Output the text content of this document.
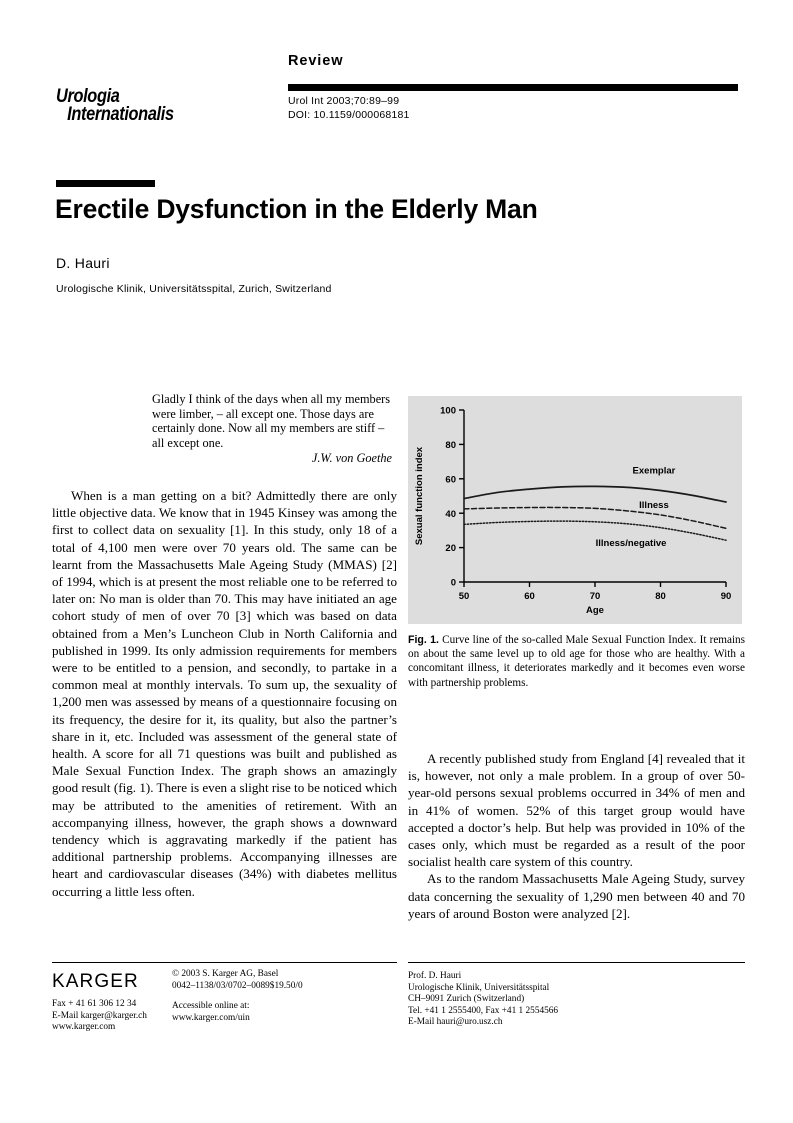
Urologia
Internationalis
Review
Urol Int 2003;70:89–99
DOI: 10.1159/000068181
Erectile Dysfunction in the Elderly Man
D. Hauri
Urologische Klinik, Universitätsspital, Zurich, Switzerland
Gladly I think of the days when all my members were limber, – all except one. Those days are certainly done. Now all my members are stiff – all except one.
J.W. von Goethe

When is a man getting on a bit? Admittedly there are only little objective data. We know that in 1945 Kinsey was among the first to collect data on sexuality [1]. In this study, only 18 of a total of 4,100 men were over 70 years old. The same can be learnt from the Massachusetts Male Ageing Study (MMAS) [2] of 1994, which is at present the most reliable one to be referred to later on: No man is older than 70. This may have initiated an age cohort study of men of over 70 [3] which was based on data obtained from a Men’s Luncheon Club in North California and published in 1999. Its only admission requirements for members were to be entitled to a pension, and secondly, to partake in a common meal at monthly intervals. To sum up, the sexuality of 1,200 men was assessed by means of a questionnaire focusing on its frequency, the desire for it, its quality, but also the partner’s share in it, etc. Included was assessment of the general state of health. A score for all 71 questions was built and published as Male Sexual Function Index. The graph shows an amazingly good result (fig. 1). There is even a slight rise to be noticed which may be attributed to the amenities of retirement. With an accompanying illness, however, the graph shows a downward tendency which is aggravating markedly if the patient has additional partnership problems. Accompanying illnesses are heart and cardiovascular diseases (34%) with diabetes mellitus occurring a little less often.

0
20
40
60
80
100
50	60	70	80	90
Age
Sexual function index	Exemplar
Illness
Illness/negative
Fig. 1. Curve line of the so-called Male Sexual Function Index. It remains on about the same level up to old age for those who are healthy. With a concomitant illness, it deteriorates markedly and it becomes even worse with partnership problems.

A recently published study from England [4] revealed that it is, however, not only a male problem. In a group of over 50-year-old persons sexual problems occurred in 34% of men and in 41% of women. 52% of this target group would have accepted a doctor’s help. But help was provided in 10% of the cases only, which must be regarded as a result of the poor socialist health care system of this country.

As to the random Massachusetts Male Ageing Study, survey data concerning the sexuality of 1,290 men between 40 and 70 years of around Boston were analyzed [2].

KARGER
Fax + 41 61 306 12 34
E-Mail karger@karger.ch
www.karger.com
© 2003 S. Karger AG, Basel
0042–1138/03/0702–0089$19.50/0
Accessible online at:
www.karger.com/uin
Prof. D. Hauri
Urologische Klinik, Universitätsspital
CH–9091 Zurich (Switzerland)
Tel. +41 1 2555400, Fax +41 1 2554566
E-Mail hauri@uro.usz.ch
